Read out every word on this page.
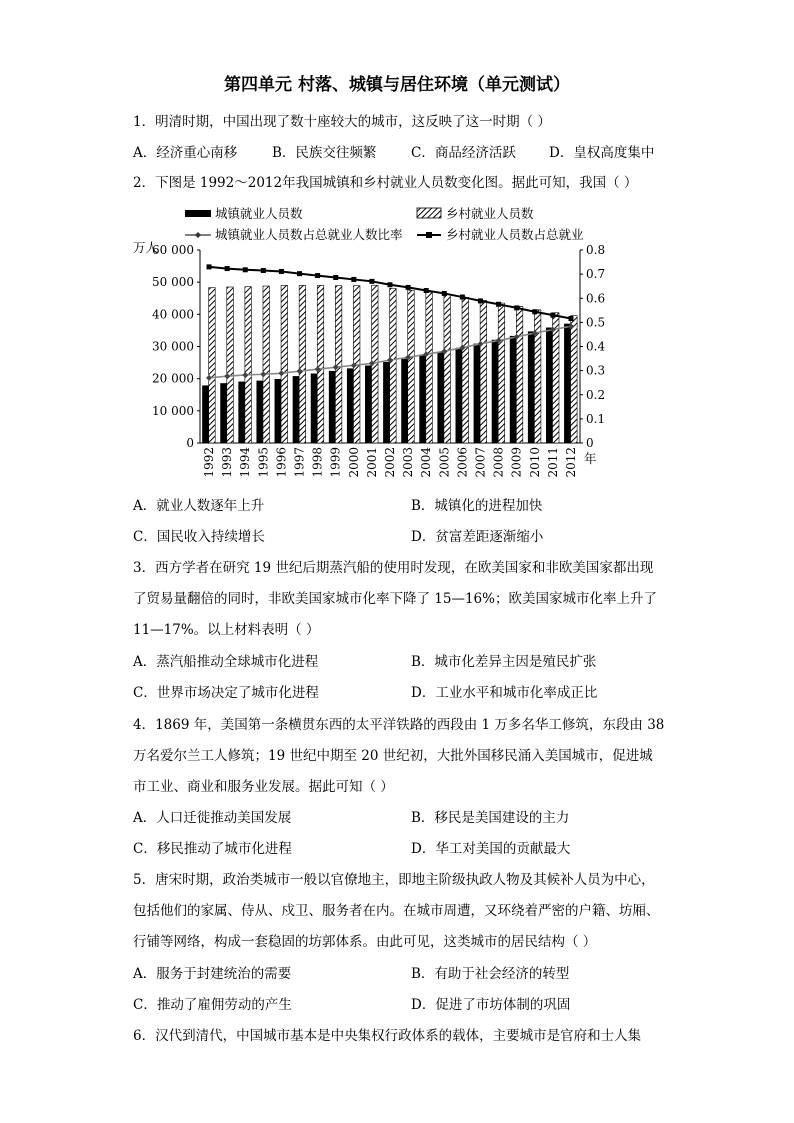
第四单元 村落、城镇与居住环境（单元测试）
1．明清时期，中国出现了数十座较大的城市，这反映了这一时期（ ）
A．经济重心南移	B．民族交往频繁	C．商品经济活跃 D．皇权高度集中
2．下图是 1992～2012年我国城镇和乡村就业人员数变化图。据此可知，我国（ ）
城镇就业人员数	乡村就业人员数
城镇就业人员数占总就业人数比率	乡村就业人员数占总就业
万人
年
0
10 000
20 000
30 000
40 000
50 000
60 000
0
0.1
0.2
0.3
0.4
0.5
0.6
0.7
0.8
1992 1993 1994 1995 1996 1997 1998 1999 2000 2001 2002 2003 2004 2005 2006 2007 2008 2009 2010 2011 2012
A．就业人数逐年上升	B．城镇化的进程加快
C．国民收入持续增长	D．贫富差距逐渐缩小
3．西方学者在研究 19 世纪后期蒸汽船的使用时发现，在欧美国家和非欧美国家都出现
了贸易量翻倍的同时，非欧美国家城市化率下降了 15—16%；欧美国家城市化率上升了
11—17%。以上材料表明（ ）
A．蒸汽船推动全球城市化进程	B．城市化差异主因是殖民扩张
C．世界市场决定了城市化进程	D．工业水平和城市化率成正比
4．1869 年，美国第一条横贯东西的太平洋铁路的西段由 1 万多名华工修筑，东段由 38
万名爱尔兰工人修筑；19 世纪中期至 20 世纪初，大批外国移民涌入美国城市，促进城
市工业、商业和服务业发展。据此可知（ ）
A．人口迁徙推动美国发展	B．移民是美国建设的主力
C．移民推动了城市化进程	D．华工对美国的贡献最大
5．唐宋时期，政治类城市一般以官僚地主，即地主阶级执政人物及其候补人员为中心，
包括他们的家属、侍从、戍卫、服务者在内。在城市周遭，又环绕着严密的户籍、坊厢、
行铺等网络，构成一套稳固的坊郭体系。由此可见，这类城市的居民结构（ ）
A．服务于封建统治的需要	B．有助于社会经济的转型
C．推动了雇佣劳动的产生	D．促进了市坊体制的巩固
6．汉代到清代，中国城市基本是中央集权行政体系的载体，主要城市是官府和士人集
